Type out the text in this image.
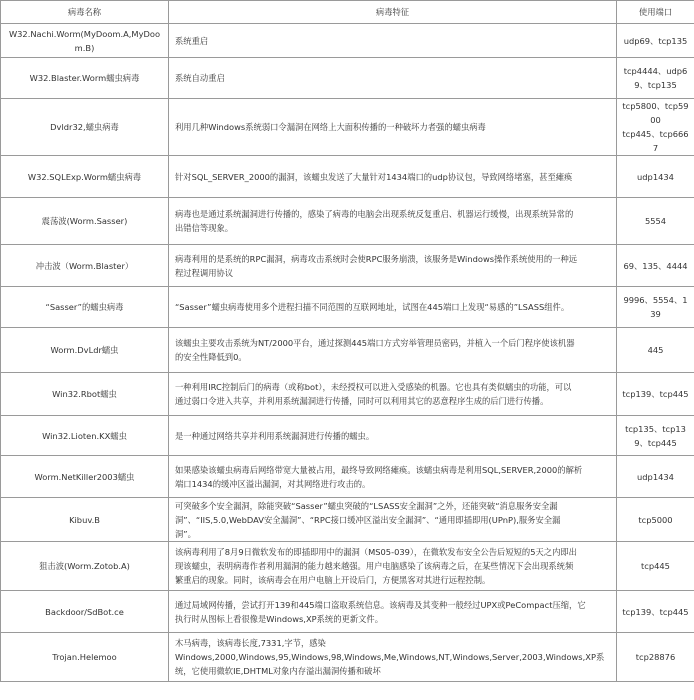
病毒名称	病毒特征	使用端口
W32.Nachi.Worm(MyDoom.A,MyDoom.B)	系统重启	udp69、tcp135

W32.Blaster.Worm蠕虫病毒	系统自动重启	tcp4444、udp69、tcp135

Dvldr32,蠕虫病毒	利用几种Windows系统弱口令漏洞在网络上大面积传播的一种破坏力者强的蠕虫病毒	tcp5800、tcp5900
tcp445、tcp6667

W32.SQLExp.Worm蠕虫病毒	针对SQL_SERVER_2000的漏洞，该蠕虫发送了大量针对1434端口的udp协议包，导致网络堵塞，甚至瘫痪	udp1434

震荡波(Worm.Sasser)	病毒也是通过系统漏洞进行传播的，感染了病毒的电脑会出现系统反复重启、机器运行缓慢，出现系统异常的
出错信等现象。	5554

冲击波（Worm.Blaster）	病毒利用的是系统的RPC漏洞，病毒攻击系统时会使RPC服务崩溃，该服务是Windows操作系统使用的一种远
程过程调用协议	69、135、4444

“Sasser”的蠕虫病毒	“Sasser”蠕虫病毒使用多个进程扫描不同范围的互联网地址，试图在445端口上发现“易感的”LSASS组件。	9996、5554、139

Worm.DvLdr蠕虫	该蠕虫主要攻击系统为NT/2000平台，通过探测445端口方式穷举管理员密码，并植入一个后门程序使该机器
的安全性降低到0。	445

Win32.Rbot蠕虫	一种利用IRC控制后门的病毒（或称bot），未经授权可以进入受感染的机器。它也具有类似蠕虫的功能，可以
通过弱口令进入共享，并利用系统漏洞进行传播，同时可以利用其它的恶意程序生成的后门进行传播。	tcp139、tcp445

Win32.Lioten.KX蠕虫	是一种通过网络共享并利用系统漏洞进行传播的蠕虫。	tcp135、tcp139、tcp445

Worm.NetKiller2003蠕虫	如果感染该蠕虫病毒后网络带宽大量被占用，最终导致网络瘫痪。该蠕虫病毒是利用SQL,SERVER,2000的解析
端口1434的缓冲区溢出漏洞，对其网络进行攻击的。	udp1434

Kibuv.B	可突破多个安全漏洞，除能突破“Sasser”蠕虫突破的“LSASS安全漏洞”之外，还能突破“消息服务安全漏
洞”、“IIS,5.0,WebDAV安全漏洞”、“RPC接口缓冲区溢出安全漏洞”、“通用即插即用(UPnP),服务安全漏
洞”。	tcp5000

狙击波(Worm.Zotob.A)	该病毒利用了8月9日微软发布的即插即用中的漏洞（MS05-039），在微软发布安全公告后短短的5天之内即出
现该蠕虫，表明病毒作者利用漏洞的能力越来越强。用户电脑感染了该病毒之后，在某些情况下会出现系统频
繁重启的现象。同时，该病毒会在用户电脑上开设后门，方便黑客对其进行远程控制。	tcp445

Backdoor/SdBot.ce	通过局域网传播，尝试打开139和445端口盗取系统信息。该病毒及其变种一般经过UPX或PeCompact压缩，它
执行时从图标上看很像是Windows,XP系统的更新文件。	tcp139、tcp445

Trojan.Helemoo	木马病毒，该病毒长度,7331,字节，感染
Windows,2000,Windows,95,Windows,98,Windows,Me,Windows,NT,Windows,Server,2003,Windows,XP系
统，它使用微软IE,DHTML对象内存溢出漏洞传播和破坏	tcp28876
